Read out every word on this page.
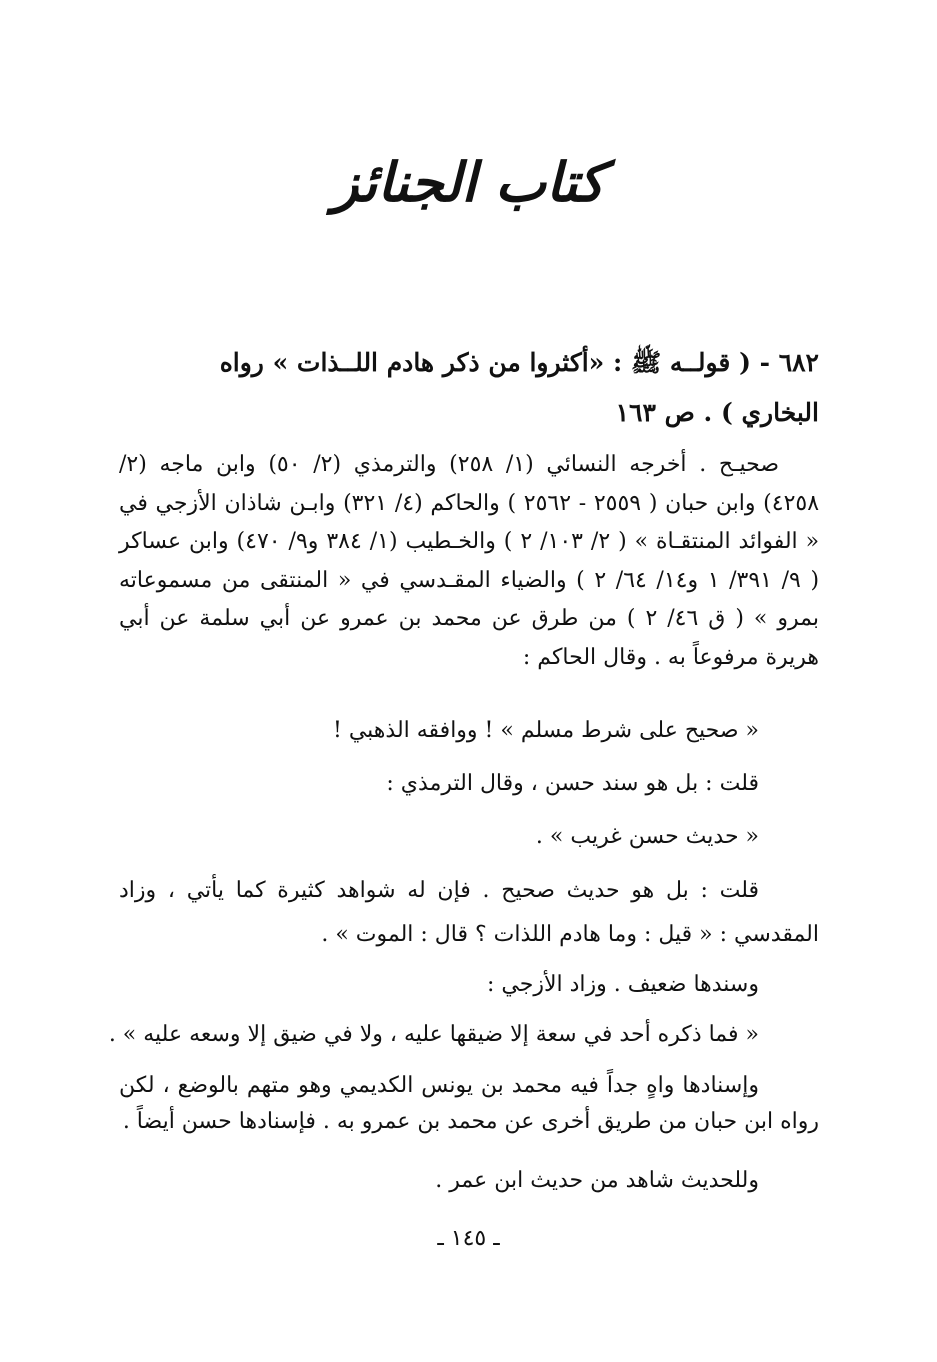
كتاب الجنائز
٦٨٢ - ( قولــه ﷺ : «أكثروا من ذكر هادم اللــذات » رواه
البخاري ) . ص ١٦٣
صحيـح . أخرجه النسائي (١/ ٢٥٨) والترمذي (٢/ ٥٠) وابن ماجه (٢/ ٤٢٥٨) وابن حبان ( ٢٥٥٩ - ٢٥٦٢ ) والحاكم (٤/ ٣٢١) وابـن شاذان الأزجي في « الفوائد المنتقـاة » ( ٢/ ١٠٣/ ٢ ) والخـطيب (١/ ٣٨٤ و٩/ ٤٧٠) وابن عساكر ( ٩/ ٣٩١/ ١ و١٤/ ٦٤/ ٢ ) والضياء المقـدسي في « المنتقى من مسموعاته بمرو » ( ق ٤٦/ ٢ ) من طرق عن محمد بن عمرو عن أبي سلمة عن أبي هريرة مرفوعاً به . وقال الحاكم :
« صحيح على شرط مسلم » ! ووافقه الذهبي !
قلت : بل هو سند حسن ، وقال الترمذي :
« حديث حسن غريب » .
قلت : بل هو حديث صحيح . فإن له شواهد كثيرة كما يأتي ، وزاد المقدسي : « قيل : وما هادم اللذات ؟ قال : الموت » .
وسندها ضعيف . وزاد الأزجي :
« فما ذكره أحد في سعة إلا ضيقها عليه ، ولا في ضيق إلا وسعه عليه » .
وإسنادها واهٍ جداً فيه محمد بن يونس الكديمي وهو متهم بالوضع ، لكن رواه ابن حبان من طريق أخرى عن محمد بن عمرو به . فإسنادها حسن أيضاً .
وللحديث شاهد من حديث ابن عمر .
ـ ١٤٥ ـ
